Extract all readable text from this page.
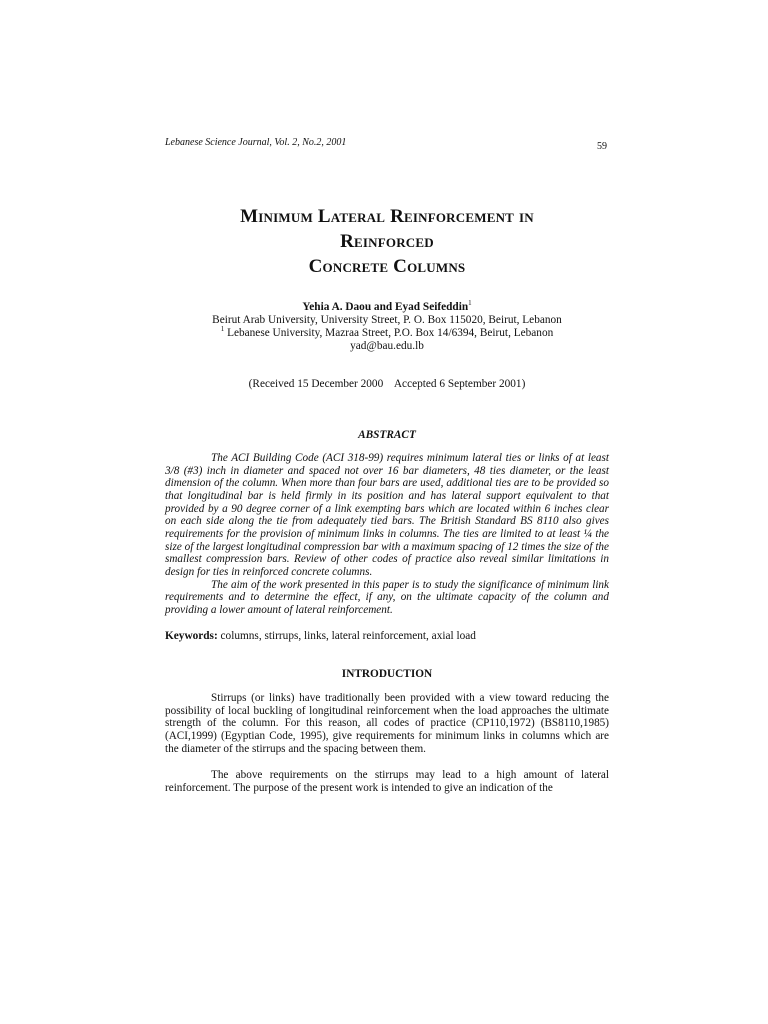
Lebanese Science Journal, Vol. 2, No.2, 2001	59
Minimum Lateral Reinforcement in
Reinforced
Concrete Columns
Yehia A. Daou and Eyad Seifeddin$^1$
Beirut Arab University, University Street, P. O. Box 115020, Beirut, Lebanon
$^1$ Lebanese University, Mazraa Street, P.O. Box 14/6394, Beirut, Lebanon
yad@bau.edu.lb
(Received 15 December 2000    Accepted 6 September 2001)
ABSTRACT

The ACI Building Code (ACI 318-99) requires minimum lateral ties or links of at least 3/8 (#3) inch in diameter and spaced not over 16 bar diameters, 48 ties diameter, or the least dimension of the column. When more than four bars are used, additional ties are to be provided so that longitudinal bar is held firmly in its position and has lateral support equivalent to that provided by a 90 degree corner of a link exempting bars which are located within 6 inches clear on each side along the tie from adequately tied bars. The British Standard BS 8110 also gives requirements for the provision of minimum links in columns. The ties are limited to at least ¼ the size of the largest longitudinal compression bar with a maximum spacing of 12 times the size of the smallest compression bars. Review of other codes of practice also reveal similar limitations in design for ties in reinforced concrete columns.

The aim of the work presented in this paper is to study the significance of minimum link requirements and to determine the effect, if any, on the ultimate capacity of the column and providing a lower amount of lateral reinforcement.

Keywords: columns, stirrups, links, lateral reinforcement, axial load
INTRODUCTION

Stirrups (or links) have traditionally been provided with a view toward reducing the possibility of local buckling of longitudinal reinforcement when the load approaches the ultimate strength of the column. For this reason, all codes of practice (CP110,1972) (BS8110,1985) (ACI,1999) (Egyptian Code, 1995), give requirements for minimum links in columns which are the diameter of the stirrups and the spacing between them.

The above requirements on the stirrups may lead to a high amount of lateral reinforcement. The purpose of the present work is intended to give an indication of the
